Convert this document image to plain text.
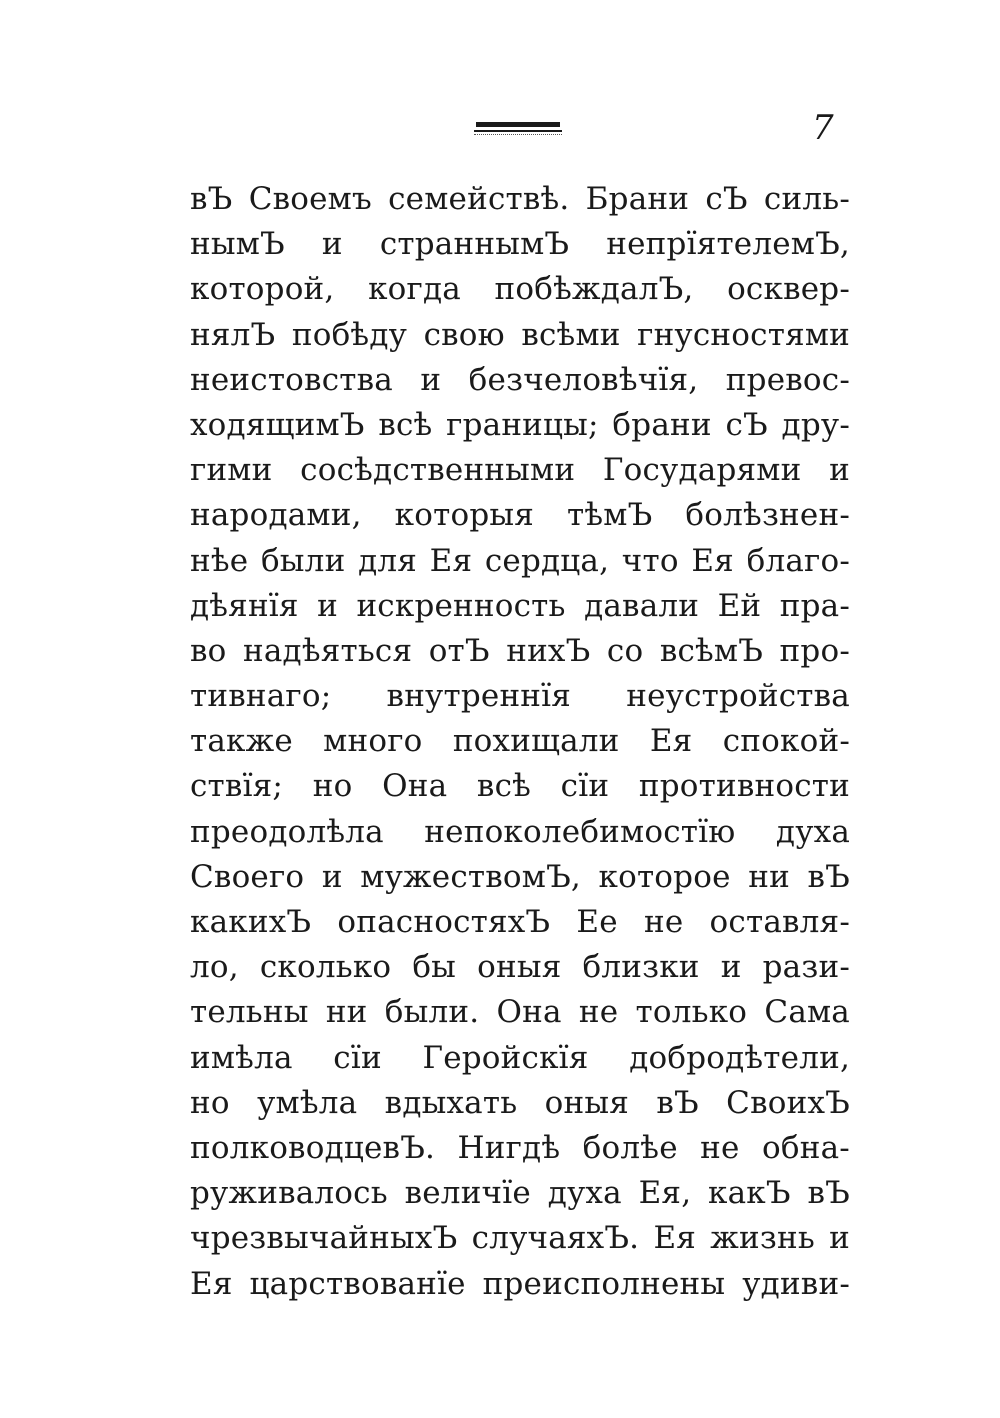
7
вЪ Своемъ семействѣ. Брани сЪ силь-
нымЪ и страннымЪ непрїятелемЪ,
которой, когда побѣждалЪ, осквер-
нялЪ побѣду свою всѣми гнусностями
неистовства и безчеловѣчїя, превос-
ходящимЪ всѣ границы; брани сЪ дру-
гими сосѣдственными Государями и
народами, которыя тѣмЪ болѣзнен-
нѣе были для Ея сердца, что Ея благо-
дѣянїя и искренность давали Ей пра-
во надѣяться отЪ нихЪ со всѣмЪ про-
тивнаго; внутреннїя неустройства
также много похищали Ея спокой-
ствїя; но Она всѣ сїи противности
преодолѣла непоколебимостїю духа
Своего и мужествомЪ, которое ни вЪ
какихЪ опасностяхЪ Ее не оставля-
ло, сколько бы оныя близки и рази-
тельны ни были. Она не только Сама
имѣла сїи Геройскїя добродѣтели,
но умѣла вдыхать оныя вЪ СвоихЪ
полководцевЪ. Нигдѣ болѣе не обна-
руживалось величїе духа Ея, какЪ вЪ
чрезвычайныхЪ случаяхЪ. Ея жизнь и
Ея царствованїе преисполнены удиви-
